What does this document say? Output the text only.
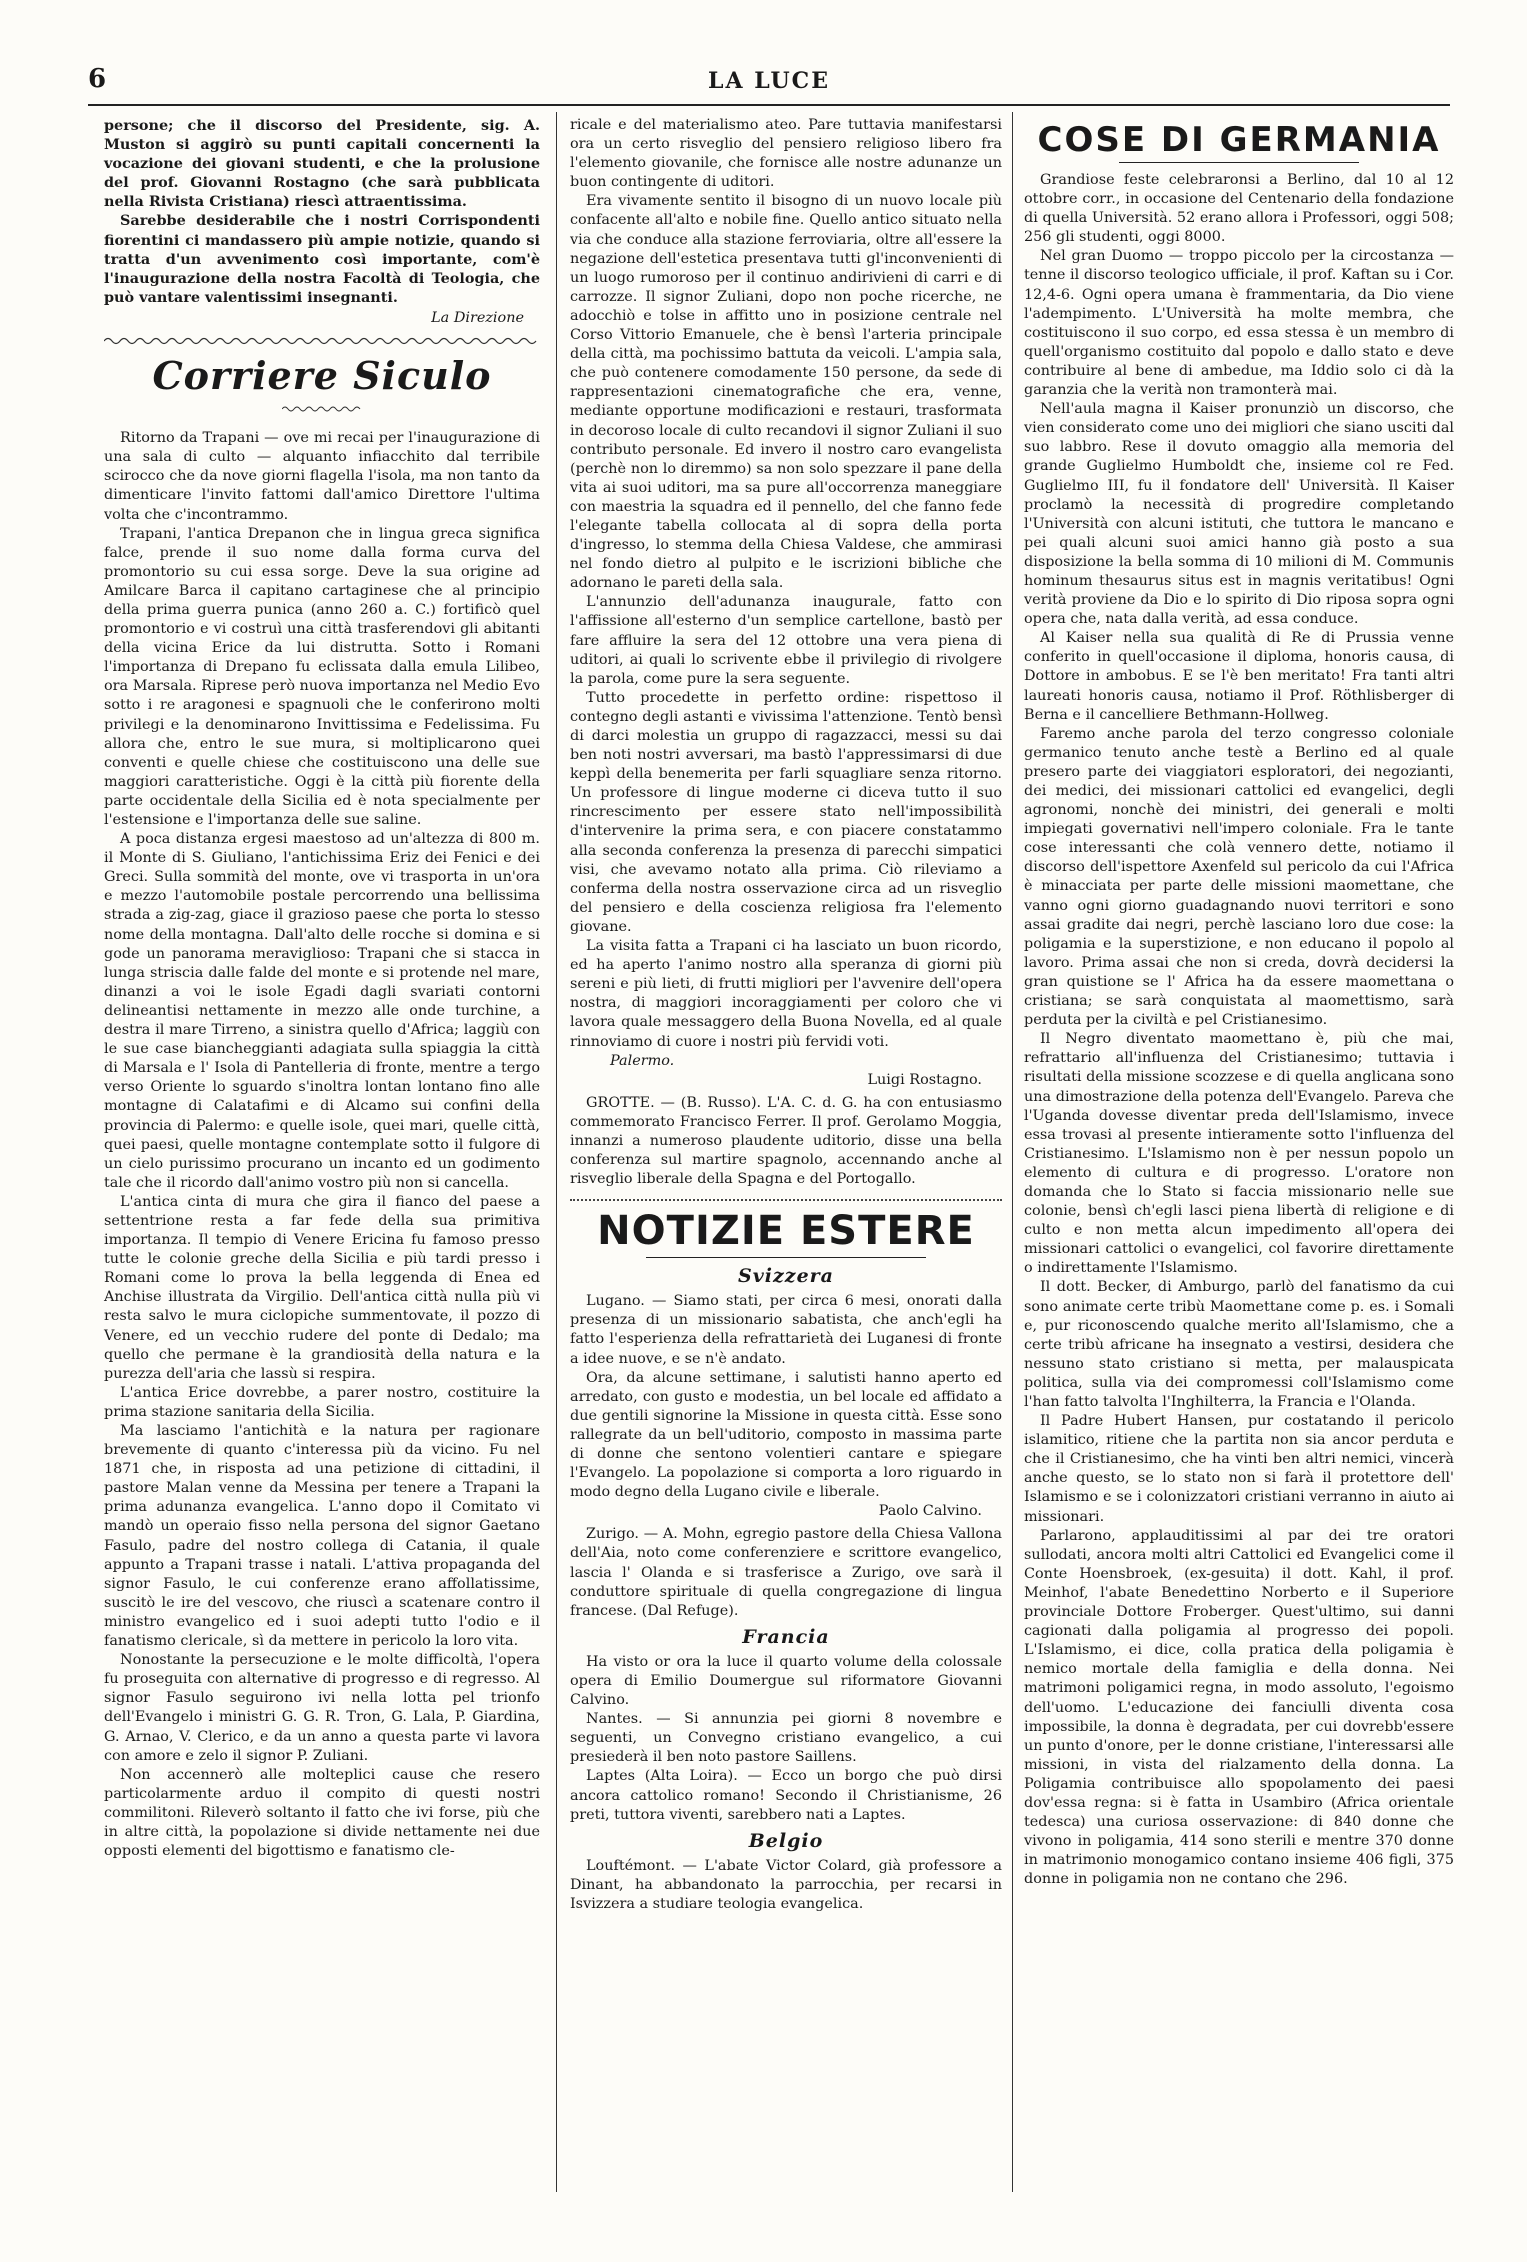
6	LA LUCE

persone; che il discorso del Presidente, sig. A. Muston si aggirò su punti capitali concernenti la vocazione dei giovani studenti, e che la prolusione del prof. Giovanni Rostagno (che sarà pubblicata nella Rivista Cristiana) riescì attraentissima.

Sarebbe desiderabile che i nostri Corrispondenti fiorentini ci mandassero più ampie notizie, quando si tratta d'un avvenimento così importante, com'è l'inaugurazione della nostra Facoltà di Teologia, che può vantare valentissimi insegnanti.

La Direzione
Corriere Siculo

Ritorno da Trapani — ove mi recai per l'inaugurazione di una sala di culto — alquanto infiacchito dal terribile scirocco che da nove giorni flagella l'isola, ma non tanto da dimenticare l'invito fattomi dall'amico Direttore l'ultima volta che c'incontrammo.

Trapani, l'antica Drepanon che in lingua greca significa falce, prende il suo nome dalla forma curva del promontorio su cui essa sorge. Deve la sua origine ad Amilcare Barca il capitano cartaginese che al principio della prima guerra punica (anno 260 a. C.) fortificò quel promontorio e vi costruì una città trasferendovi gli abitanti della vicina Erice da lui distrutta. Sotto i Romani l'importanza di Drepano fu eclissata dalla emula Lilibeo, ora Marsala. Riprese però nuova importanza nel Medio Evo sotto i re aragonesi e spagnuoli che le conferirono molti privilegi e la denominarono Invittissima e Fedelissima. Fu allora che, entro le sue mura, si moltiplicarono quei conventi e quelle chiese che costituiscono una delle sue maggiori caratteristiche. Oggi è la città più fiorente della parte occidentale della Sicilia ed è nota specialmente per l'estensione e l'importanza delle sue saline.

A poca distanza ergesi maestoso ad un'altezza di 800 m. il Monte di S. Giuliano, l'antichissima Eriz dei Fenici e dei Greci. Sulla sommità del monte, ove vi trasporta in un'ora e mezzo l'automobile postale percorrendo una bellissima strada a zig-zag, giace il grazioso paese che porta lo stesso nome della montagna. Dall'alto delle rocche si domina e si gode un panorama meraviglioso: Trapani che si stacca in lunga striscia dalle falde del monte e si protende nel mare, dinanzi a voi le isole Egadi dagli svariati contorni delineantisi nettamente in mezzo alle onde turchine, a destra il mare Tirreno, a sinistra quello d'Africa; laggiù con le sue case biancheggianti adagiata sulla spiaggia la città di Marsala e l' Isola di Pantelleria di fronte, mentre a tergo verso Oriente lo sguardo s'inoltra lontan lontano fino alle montagne di Calatafimi e di Alcamo sui confini della provincia di Palermo: e quelle isole, quei mari, quelle città, quei paesi, quelle montagne contemplate sotto il fulgore di un cielo purissimo procurano un incanto ed un godimento tale che il ricordo dall'animo vostro più non si cancella.

L'antica cinta di mura che gira il fianco del paese a settentrione resta a far fede della sua primitiva importanza. Il tempio di Venere Ericina fu famoso presso tutte le colonie greche della Sicilia e più tardi presso i Romani come lo prova la bella leggenda di Enea ed Anchise illustrata da Virgilio. Dell'antica città nulla più vi resta salvo le mura ciclopiche summentovate, il pozzo di Venere, ed un vecchio rudere del ponte di Dedalo; ma quello che permane è la grandiosità della natura e la purezza dell'aria che lassù si respira.

L'antica Erice dovrebbe, a parer nostro, costituire la prima stazione sanitaria della Sicilia.

Ma lasciamo l'antichità e la natura per ragionare brevemente di quanto c'interessa più da vicino. Fu nel 1871 che, in risposta ad una petizione di cittadini, il pastore Malan venne da Messina per tenere a Trapani la prima adunanza evangelica. L'anno dopo il Comitato vi mandò un operaio fisso nella persona del signor Gaetano Fasulo, padre del nostro collega di Catania, il quale appunto a Trapani trasse i natali. L'attiva propaganda del signor Fasulo, le cui conferenze erano affollatissime, suscitò le ire del vescovo, che riuscì a scatenare contro il ministro evangelico ed i suoi adepti tutto l'odio e il fanatismo clericale, sì da mettere in pericolo la loro vita.

Nonostante la persecuzione e le molte difficoltà, l'opera fu proseguita con alternative di progresso e di regresso. Al signor Fasulo seguirono ivi nella lotta pel trionfo dell'Evangelo i ministri G. G. R. Tron, G. Lala, P. Giardina, G. Arnao, V. Clerico, e da un anno a questa parte vi lavora con amore e zelo il signor P. Zuliani.

Non accennerò alle molteplici cause che resero particolarmente arduo il compito di questi nostri commilitoni. Rileverò soltanto il fatto che ivi forse, più che in altre città, la popolazione si divide nettamente nei due opposti elementi del bigottismo e fanatismo cle-

ricale e del materialismo ateo. Pare tuttavia manifestarsi ora un certo risveglio del pensiero religioso libero fra l'elemento giovanile, che fornisce alle nostre adunanze un buon contingente di uditori.

Era vivamente sentito il bisogno di un nuovo locale più confacente all'alto e nobile fine. Quello antico situato nella via che conduce alla stazione ferroviaria, oltre all'essere la negazione dell'estetica presentava tutti gl'inconvenienti di un luogo rumoroso per il continuo andirivieni di carri e di carrozze. Il signor Zuliani, dopo non poche ricerche, ne adocchiò e tolse in affitto uno in posizione centrale nel Corso Vittorio Emanuele, che è bensì l'arteria principale della città, ma pochissimo battuta da veicoli. L'ampia sala, che può contenere comodamente 150 persone, da sede di rappresentazioni cinematografiche che era, venne, mediante opportune modificazioni e restauri, trasformata in decoroso locale di culto recandovi il signor Zuliani il suo contributo personale. Ed invero il nostro caro evangelista (perchè non lo diremmo) sa non solo spezzare il pane della vita ai suoi uditori, ma sa pure all'occorrenza maneggiare con maestria la squadra ed il pennello, del che fanno fede l'elegante tabella collocata al di sopra della porta d'ingresso, lo stemma della Chiesa Valdese, che ammirasi nel fondo dietro al pulpito e le iscrizioni bibliche che adornano le pareti della sala.

L'annunzio dell'adunanza inaugurale, fatto con l'affissione all'esterno d'un semplice cartellone, bastò per fare affluire la sera del 12 ottobre una vera piena di uditori, ai quali lo scrivente ebbe il privilegio di rivolgere la parola, come pure la sera seguente.

Tutto procedette in perfetto ordine: rispettoso il contegno degli astanti e vivissima l'attenzione. Tentò bensì di darci molestia un gruppo di ragazzacci, messi su dai ben noti nostri avversari, ma bastò l'appressimarsi di due keppì della benemerita per farli squagliare senza ritorno. Un professore di lingue moderne ci diceva tutto il suo rincrescimento per essere stato nell'impossibilità d'intervenire la prima sera, e con piacere constatammo alla seconda conferenza la presenza di parecchi simpatici visi, che avevamo notato alla prima. Ciò rileviamo a conferma della nostra osservazione circa ad un risveglio del pensiero e della coscienza religiosa fra l'elemento giovane.

La visita fatta a Trapani ci ha lasciato un buon ricordo, ed ha aperto l'animo nostro alla speranza di giorni più sereni e più lieti, di frutti migliori per l'avvenire dell'opera nostra, di maggiori incoraggiamenti per coloro che vi lavora quale messaggero della Buona Novella, ed al quale rinnoviamo di cuore i nostri più fervidi voti.

Palermo.
Luigi Rostagno.

GROTTE. — (B. Russo). L'A. C. d. G. ha con entusiasmo commemorato Francisco Ferrer. Il prof. Gerolamo Moggia, innanzi a numeroso plaudente uditorio, disse una bella conferenza sul martire spagnolo, accennando anche al risveglio liberale della Spagna e del Portogallo.

NOTIZIE ESTERE
Svizzera

Lugano. — Siamo stati, per circa 6 mesi, onorati dalla presenza di un missionario sabatista, che anch'egli ha fatto l'esperienza della refrattarietà dei Luganesi di fronte a idee nuove, e se n'è andato.

Ora, da alcune settimane, i salutisti hanno aperto ed arredato, con gusto e modestia, un bel locale ed affidato a due gentili signorine la Missione in questa città. Esse sono rallegrate da un bell'uditorio, composto in massima parte di donne che sentono volentieri cantare e spiegare l'Evangelo. La popolazione si comporta a loro riguardo in modo degno della Lugano civile e liberale.

Paolo Calvino.

Zurigo. — A. Mohn, egregio pastore della Chiesa Vallona dell'Aia, noto come conferenziere e scrittore evangelico, lascia l' Olanda e si trasferisce a Zurigo, ove sarà il conduttore spirituale di quella congregazione di lingua francese. (Dal Refuge).

Francia

Ha visto or ora la luce il quarto volume della colossale opera di Emilio Doumergue sul riformatore Giovanni Calvino.

Nantes. — Si annunzia pei giorni 8 novembre e seguenti, un Convegno cristiano evangelico, a cui presiederà il ben noto pastore Saillens.

Laptes (Alta Loira). — Ecco un borgo che può dirsi ancora cattolico romano! Secondo il Christianisme, 26 preti, tuttora viventi, sarebbero nati a Laptes.

Belgio

Louftémont. — L'abate Victor Colard, già professore a Dinant, ha abbandonato la parrocchia, per recarsi in Isvizzera a studiare teologia evangelica.

COSE DI GERMANIA

Grandiose feste celebraronsi a Berlino, dal 10 al 12 ottobre corr., in occasione del Centenario della fondazione di quella Università. 52 erano allora i Professori, oggi 508; 256 gli studenti, oggi 8000.

Nel gran Duomo — troppo piccolo per la circostanza — tenne il discorso teologico ufficiale, il prof. Kaftan su i Cor. 12,4-6. Ogni opera umana è frammentaria, da Dio viene l'adempimento. L'Università ha molte membra, che costituiscono il suo corpo, ed essa stessa è un membro di quell'organismo costituito dal popolo e dallo stato e deve contribuire al bene di ambedue, ma Iddio solo ci dà la garanzia che la verità non tramonterà mai.

Nell'aula magna il Kaiser pronunziò un discorso, che vien considerato come uno dei migliori che siano usciti dal suo labbro. Rese il dovuto omaggio alla memoria del grande Guglielmo Humboldt che, insieme col re Fed. Guglielmo III, fu il fondatore dell' Università. Il Kaiser proclamò la necessità di progredire completando l'Università con alcuni istituti, che tuttora le mancano e pei quali alcuni suoi amici hanno già posto a sua disposizione la bella somma di 10 milioni di M. Communis hominum thesaurus situs est in magnis veritatibus! Ogni verità proviene da Dio e lo spirito di Dio riposa sopra ogni opera che, nata dalla verità, ad essa conduce.

Al Kaiser nella sua qualità di Re di Prussia venne conferito in quell'occasione il diploma, honoris causa, di Dottore in ambobus. E se l'è ben meritato! Fra tanti altri laureati honoris causa, notiamo il Prof. Röthlisberger di Berna e il cancelliere Bethmann-Hollweg.

Faremo anche parola del terzo congresso coloniale germanico tenuto anche testè a Berlino ed al quale presero parte dei viaggiatori esploratori, dei negozianti, dei medici, dei missionari cattolici ed evangelici, degli agronomi, nonchè dei ministri, dei generali e molti impiegati governativi nell'impero coloniale. Fra le tante cose interessanti che colà vennero dette, notiamo il discorso dell'ispettore Axenfeld sul pericolo da cui l'Africa è minacciata per parte delle missioni maomettane, che vanno ogni giorno guadagnando nuovi territori e sono assai gradite dai negri, perchè lasciano loro due cose: la poligamia e la superstizione, e non educano il popolo al lavoro. Prima assai che non si creda, dovrà decidersi la gran quistione se l' Africa ha da essere maomettana o cristiana; se sarà conquistata al maomettismo, sarà perduta per la civiltà e pel Cristianesimo.

Il Negro diventato maomettano è, più che mai, refrattario all'influenza del Cristianesimo; tuttavia i risultati della missione scozzese e di quella anglicana sono una dimostrazione della potenza dell'Evangelo. Pareva che l'Uganda dovesse diventar preda dell'Islamismo, invece essa trovasi al presente intieramente sotto l'influenza del Cristianesimo. L'Islamismo non è per nessun popolo un elemento di cultura e di progresso. L'oratore non domanda che lo Stato si faccia missionario nelle sue colonie, bensì ch'egli lasci piena libertà di religione e di culto e non metta alcun impedimento all'opera dei missionari cattolici o evangelici, col favorire direttamente o indirettamente l'Islamismo.

Il dott. Becker, di Amburgo, parlò del fanatismo da cui sono animate certe tribù Maomettane come p. es. i Somali e, pur riconoscendo qualche merito all'Islamismo, che a certe tribù africane ha insegnato a vestirsi, desidera che nessuno stato cristiano si metta, per malauspicata politica, sulla via dei compromessi coll'Islamismo come l'han fatto talvolta l'Inghilterra, la Francia e l'Olanda.

Il Padre Hubert Hansen, pur costatando il pericolo islamitico, ritiene che la partita non sia ancor perduta e che il Cristianesimo, che ha vinti ben altri nemici, vincerà anche questo, se lo stato non si farà il protettore dell' Islamismo e se i colonizzatori cristiani verranno in aiuto ai missionari.

Parlarono, applauditissimi al par dei tre oratori sullodati, ancora molti altri Cattolici ed Evangelici come il Conte Hoensbroek, (ex-gesuita) il dott. Kahl, il prof. Meinhof, l'abate Benedettino Norberto e il Superiore provinciale Dottore Froberger. Quest'ultimo, sui danni cagionati dalla poligamia al progresso dei popoli. L'Islamismo, ei dice, colla pratica della poligamia è nemico mortale della famiglia e della donna. Nei matrimoni poligamici regna, in modo assoluto, l'egoismo dell'uomo. L'educazione dei fanciulli diventa cosa impossibile, la donna è degradata, per cui dovrebb'essere un punto d'onore, per le donne cristiane, l'interessarsi alle missioni, in vista del rialzamento della donna. La Poligamia contribuisce allo spopolamento dei paesi dov'essa regna: si è fatta in Usambiro (Africa orientale tedesca) una curiosa osservazione: di 840 donne che vivono in poligamia, 414 sono sterili e mentre 370 donne in matrimonio monogamico contano insieme 406 figli, 375 donne in poligamia non ne contano che 296.
